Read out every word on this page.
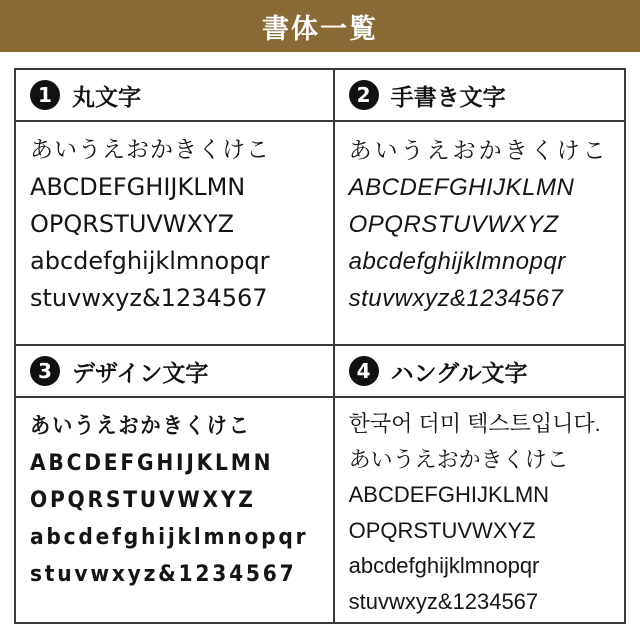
書体一覧
1 丸文字
あいうえおかきくけこ
ABCDEFGHIJKLMN
OPQRSTUVWXYZ
abcdefghijklmnopqr
stuvwxyz&1234567
2 手書き文字
あいうえおかきくけこ
ABCDEFGHIJKLMN
OPQRSTUVWXYZ
abcdefghijklmnopqr
stuvwxyz&1234567
3 デザイン文字
あいうえおかきくけこ
ABCDEFGHIJKLMN
OPQRSTUVWXYZ
abcdefghijklmnopqr
stuvwxyz&1234567
4 ハングル文字
한국어 더미 텍스트입니다.
あいうえおかきくけこ
ABCDEFGHIJKLMN
OPQRSTUVWXYZ
abcdefghijklmnopqr
stuvwxyz&1234567
